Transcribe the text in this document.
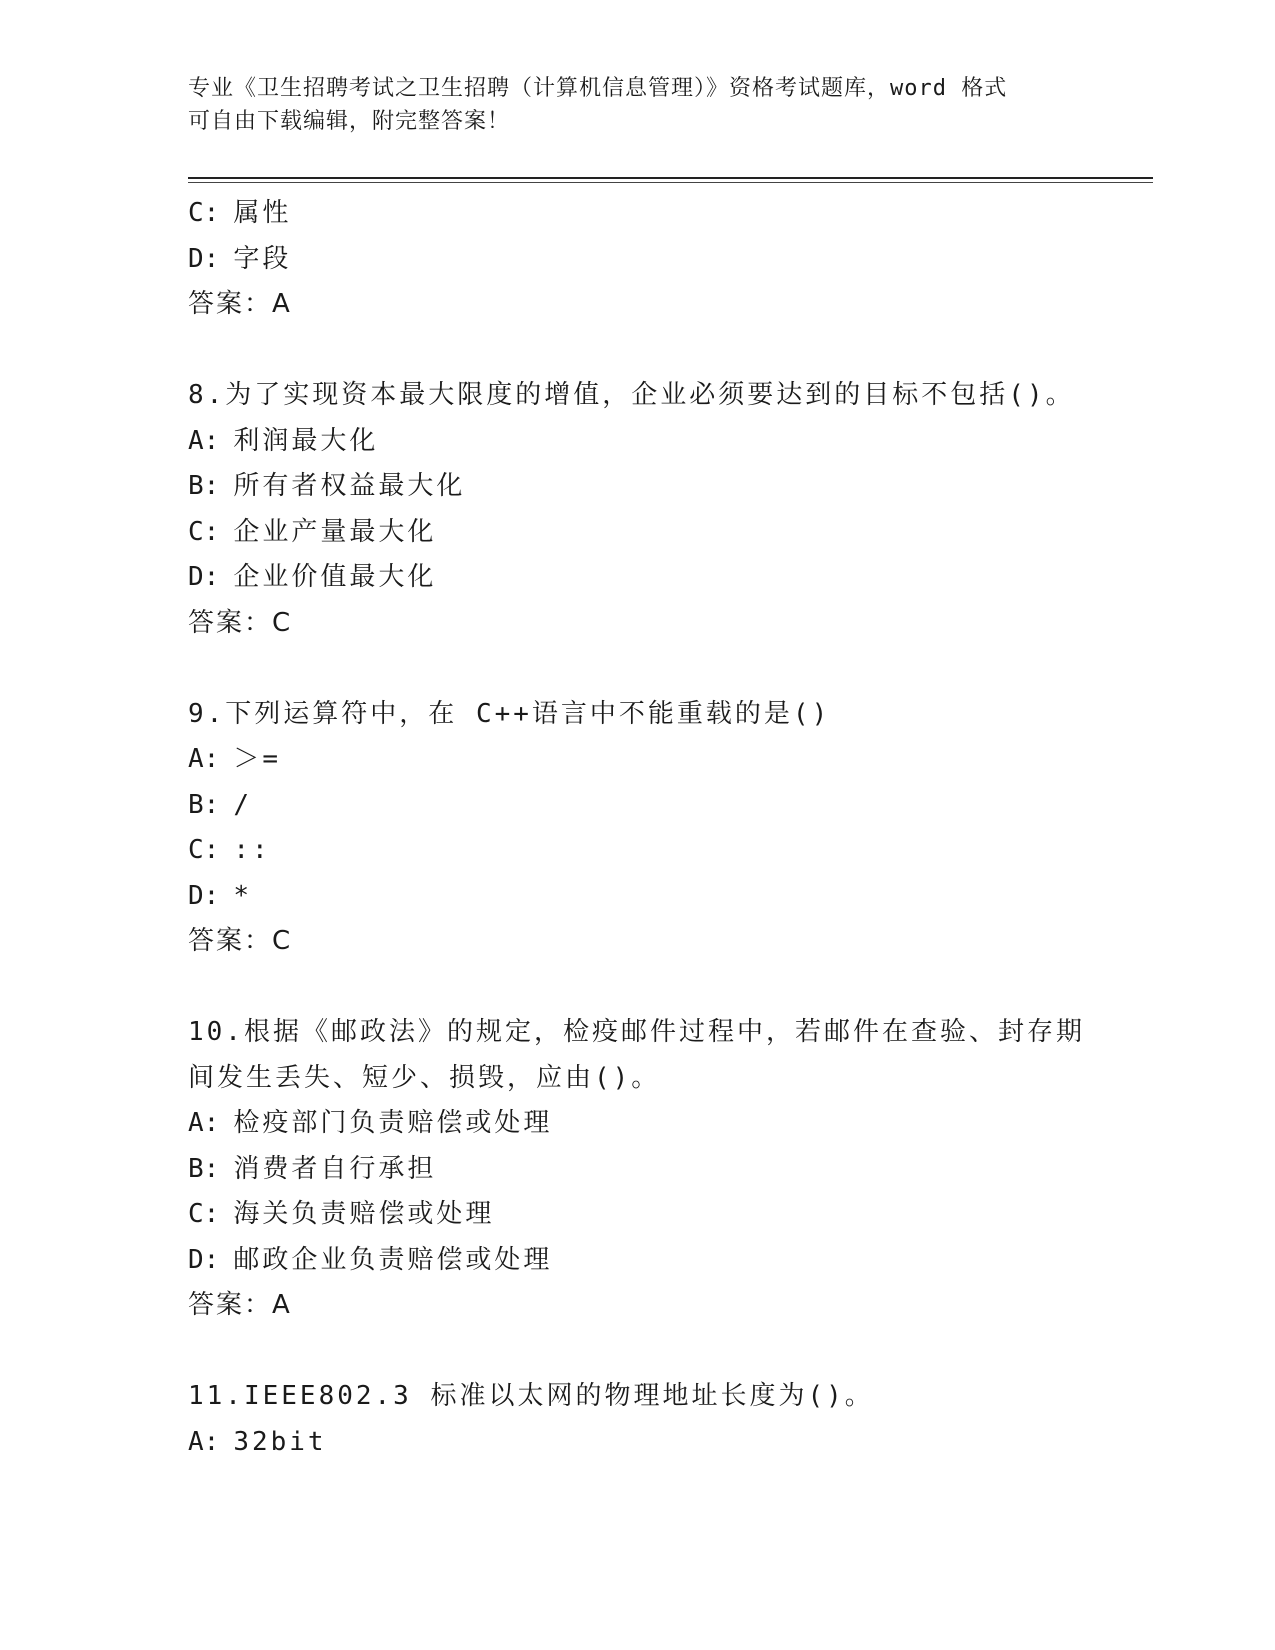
专业《卫生招聘考试之卫生招聘（计算机信息管理）》资格考试题库，word 格式
可自由下载编辑，附完整答案！
C: 属性
D: 字段
答案：A
8.为了实现资本最大限度的增值，企业必须要达到的目标不包括()。
A: 利润最大化
B: 所有者权益最大化
C: 企业产量最大化
D: 企业价值最大化
答案：C
9.下列运算符中，在 C++语言中不能重载的是()
A: ＞=
B: /
C: ::
D: *
答案：C
10.根据《邮政法》的规定，检疫邮件过程中，若邮件在查验、封存期
间发生丢失、短少、损毁，应由()。
A: 检疫部门负责赔偿或处理
B: 消费者自行承担
C: 海关负责赔偿或处理
D: 邮政企业负责赔偿或处理
答案：A
11.IEEE802.3 标准以太网的物理地址长度为()。
A: 32bit
